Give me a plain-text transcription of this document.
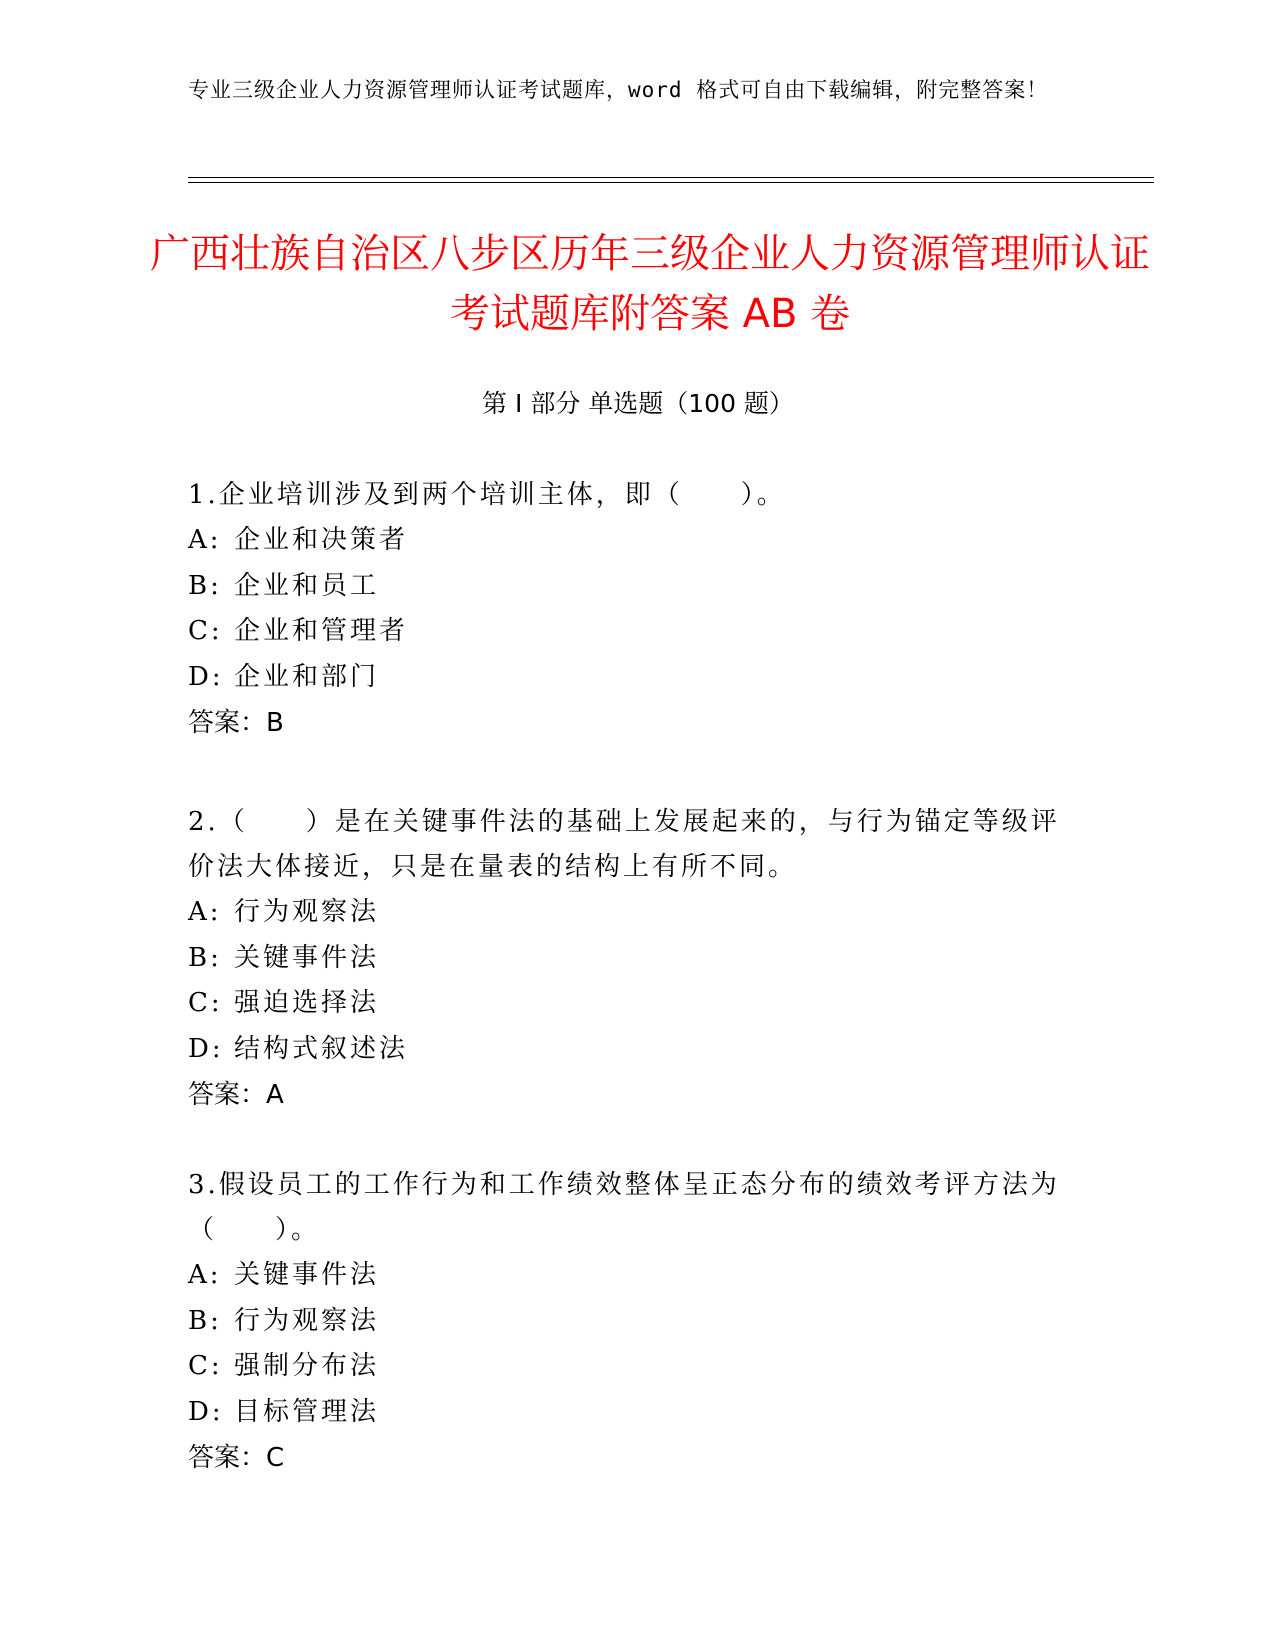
专业三级企业人力资源管理师认证考试题库，word 格式可自由下载编辑，附完整答案！
广西壮族自治区八步区历年三级企业人力资源管理师认证考试题库附答案 AB 卷
第 I 部分 单选题（100 题）

1.企业培训涉及到两个培训主体，即（　　）。

A: 企业和决策者

B: 企业和员工

C: 企业和管理者

D: 企业和部门

答案：B

2.（　　）是在关键事件法的基础上发展起来的，与行为锚定等级评价法大体接近，只是在量表的结构上有所不同。

A: 行为观察法

B: 关键事件法

C: 强迫选择法

D: 结构式叙述法

答案：A

3.假设员工的工作行为和工作绩效整体呈正态分布的绩效考评方法为（　　）。

A: 关键事件法

B: 行为观察法

C: 强制分布法

D: 目标管理法

答案：C
